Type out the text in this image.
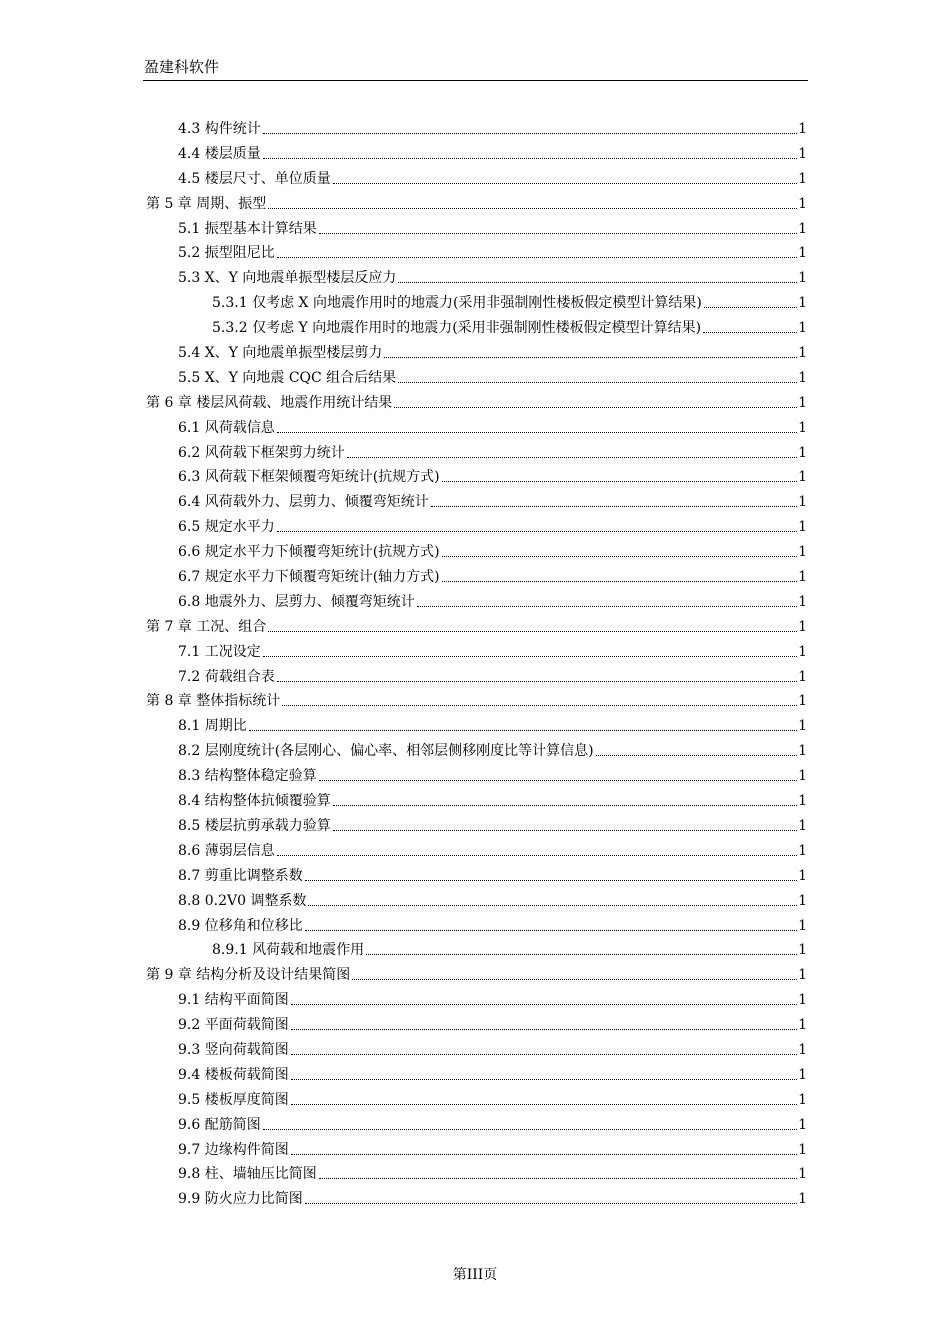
盈建科软件
4.3 构件统计	1
4.4 楼层质量	1
4.5 楼层尺寸、单位质量	1
第 5 章 周期、振型	1
5.1 振型基本计算结果	1
5.2 振型阻尼比	1
5.3 X、Y 向地震单振型楼层反应力	1
5.3.1 仅考虑 X 向地震作用时的地震力(采用非强制刚性楼板假定模型计算结果)	1
5.3.2 仅考虑 Y 向地震作用时的地震力(采用非强制刚性楼板假定模型计算结果)	1
5.4 X、Y 向地震单振型楼层剪力	1
5.5 X、Y 向地震 CQC 组合后结果	1
第 6 章 楼层风荷载、地震作用统计结果	1
6.1 风荷载信息	1
6.2 风荷载下框架剪力统计	1
6.3 风荷载下框架倾覆弯矩统计(抗规方式)	1
6.4 风荷载外力、层剪力、倾覆弯矩统计	1
6.5 规定水平力	1
6.6 规定水平力下倾覆弯矩统计(抗规方式)	1
6.7 规定水平力下倾覆弯矩统计(轴力方式)	1
6.8 地震外力、层剪力、倾覆弯矩统计	1
第 7 章 工况、组合	1
7.1 工况设定	1
7.2 荷载组合表	1
第 8 章 整体指标统计	1
8.1 周期比	1
8.2 层刚度统计(各层刚心、偏心率、相邻层侧移刚度比等计算信息)	1
8.3 结构整体稳定验算	1
8.4 结构整体抗倾覆验算	1
8.5 楼层抗剪承载力验算	1
8.6 薄弱层信息	1
8.7 剪重比调整系数	1
8.8 0.2V0 调整系数	1
8.9 位移角和位移比	1
8.9.1 风荷载和地震作用	1
第 9 章 结构分析及设计结果简图	1
9.1 结构平面简图	1
9.2 平面荷载简图	1
9.3 竖向荷载简图	1
9.4 楼板荷载简图	1
9.5 楼板厚度简图	1
9.6 配筋简图	1
9.7 边缘构件简图	1
9.8 柱、墙轴压比简图	1
9.9 防火应力比简图	1
第III页
